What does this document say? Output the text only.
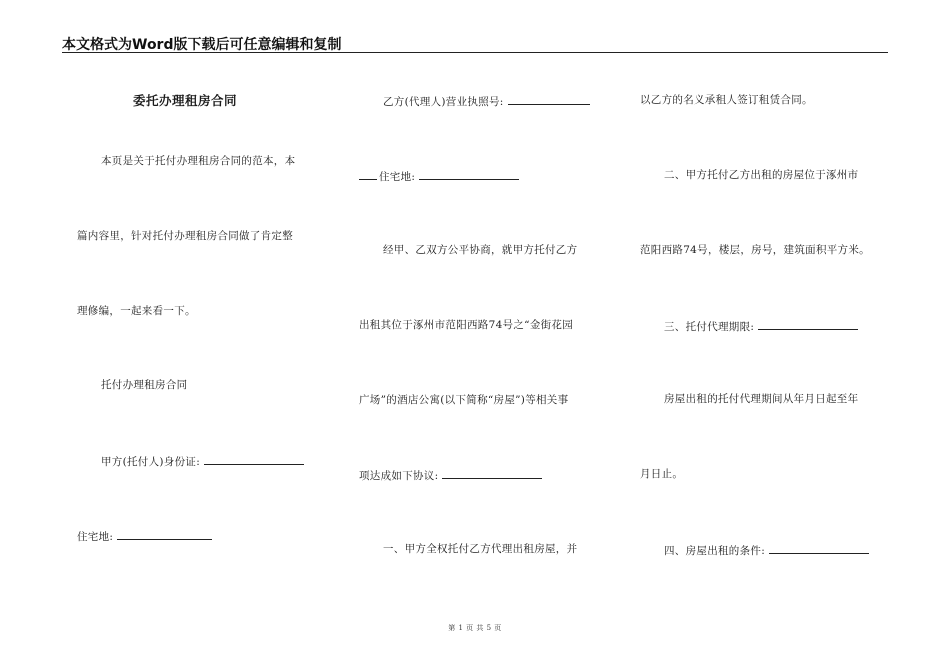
本文格式为Word版下载后可任意编辑和复制
委托办理租房合同
本页是关于托付办理租房合同的范本，本
篇内容里，针对托付办理租房合同做了肯定整
理修编，一起来看一下。
托付办理租房合同
甲方(托付人)身份证:
住宅地:
乙方(代理人)营业执照号:
住宅地:
经甲、乙双方公平协商，就甲方托付乙方
出租其位于涿州市范阳西路74号之“金街花园
广场”的酒店公寓(以下简称“房屋”)等相关事
项达成如下协议:
一、甲方全权托付乙方代理出租房屋，并
以乙方的名义承租人签订租赁合同。
二、甲方托付乙方出租的房屋位于涿州市
范阳西路74号，楼层，房号，建筑面积平方米。
三、托付代理期限:
房屋出租的托付代理期间从年月日起至年
月日止。
四、房屋出租的条件:
第 1 页 共 5 页
